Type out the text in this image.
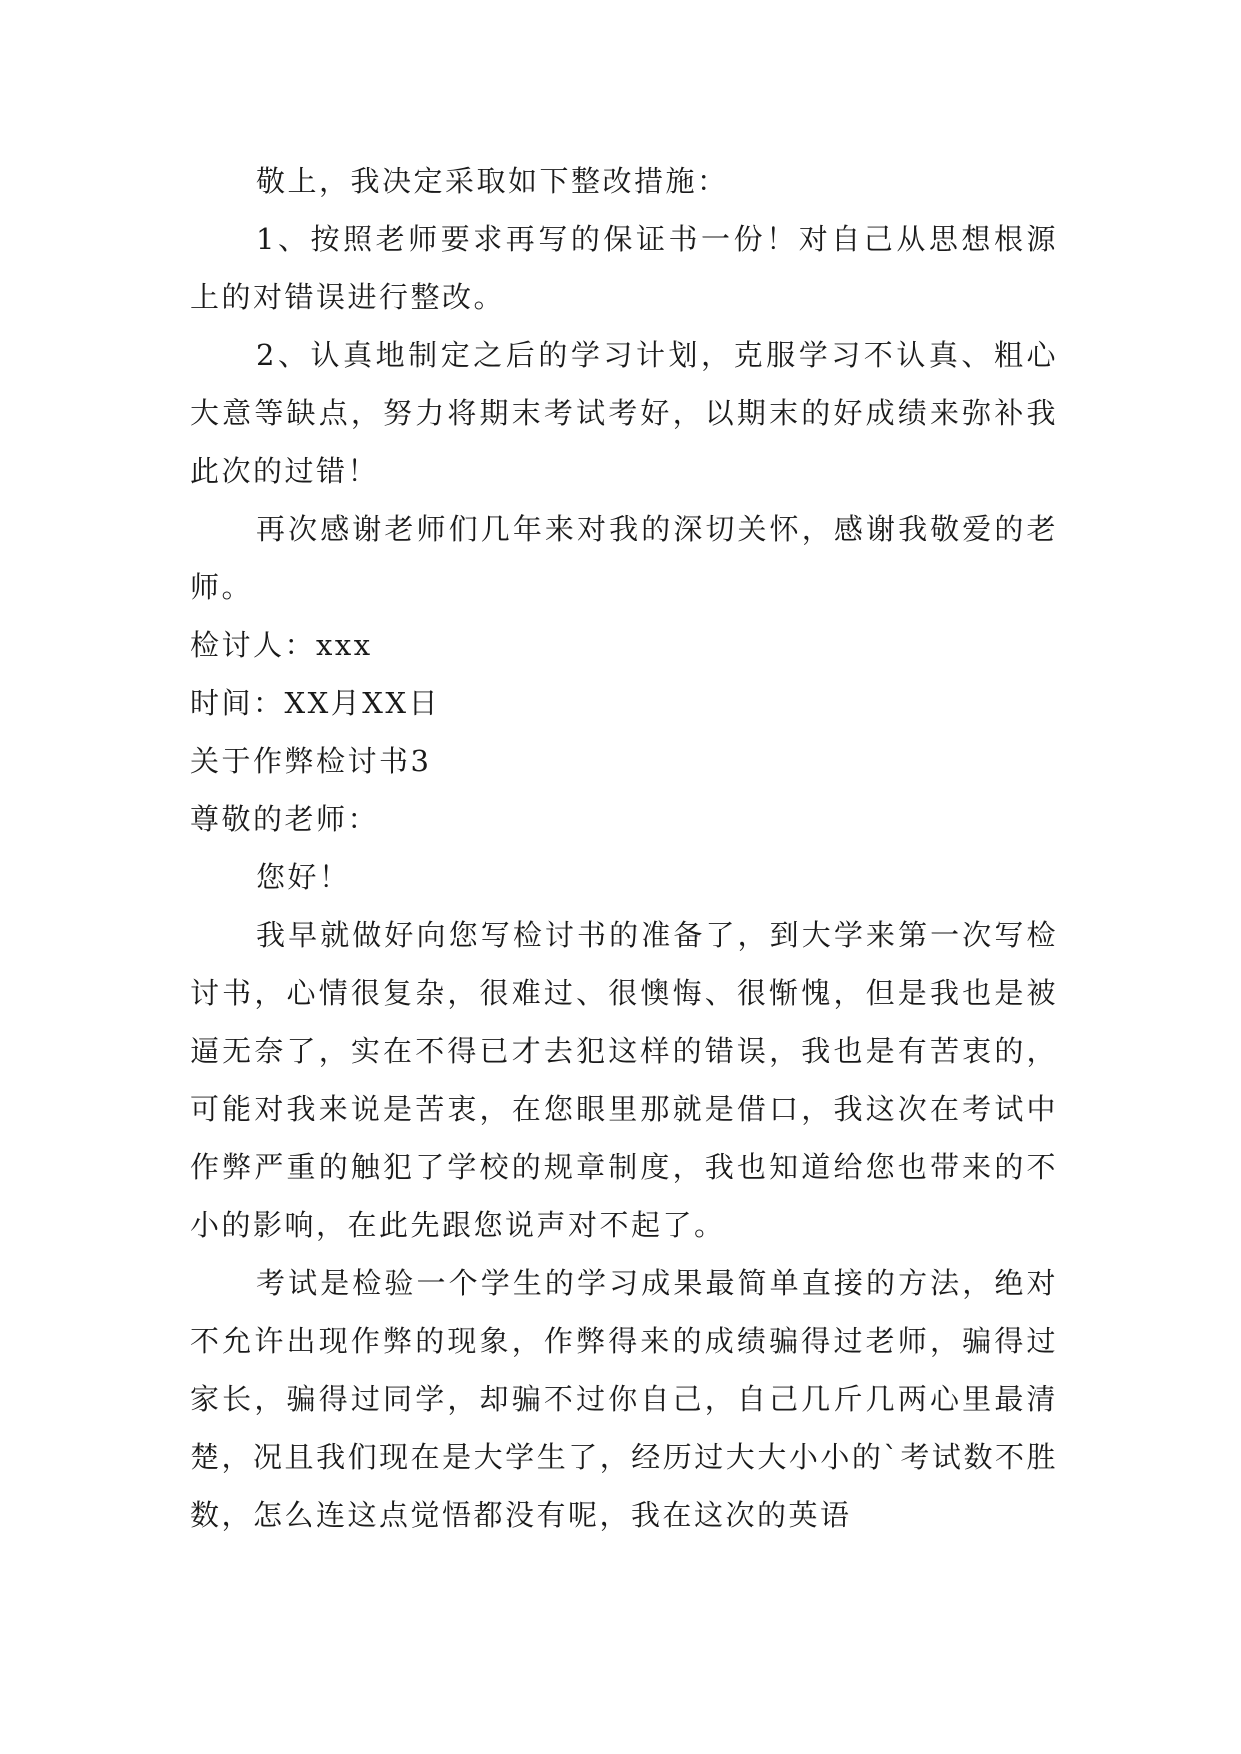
敬上，我决定采取如下整改措施：

1、按照老师要求再写的保证书一份！对自己从思想根源上的对错误进行整改。

2、认真地制定之后的学习计划，克服学习不认真、粗心大意等缺点，努力将期末考试考好，以期末的好成绩来弥补我此次的过错！

再次感谢老师们几年来对我的深切关怀，感谢我敬爱的老师。

检讨人：xxx

时间：XX月XX日

关于作弊检讨书3

尊敬的老师：

您好！

我早就做好向您写检讨书的准备了，到大学来第一次写检讨书，心情很复杂，很难过、很懊悔、很惭愧，但是我也是被逼无奈了，实在不得已才去犯这样的错误，我也是有苦衷的，可能对我来说是苦衷，在您眼里那就是借口，我这次在考试中作弊严重的触犯了学校的规章制度，我也知道给您也带来的不小的影响，在此先跟您说声对不起了。

考试是检验一个学生的学习成果最简单直接的方法，绝对不允许出现作弊的现象，作弊得来的成绩骗得过老师，骗得过家长，骗得过同学，却骗不过你自己，自己几斤几两心里最清楚，况且我们现在是大学生了，经历过大大小小的`考试数不胜数，怎么连这点觉悟都没有呢，我在这次的英语
